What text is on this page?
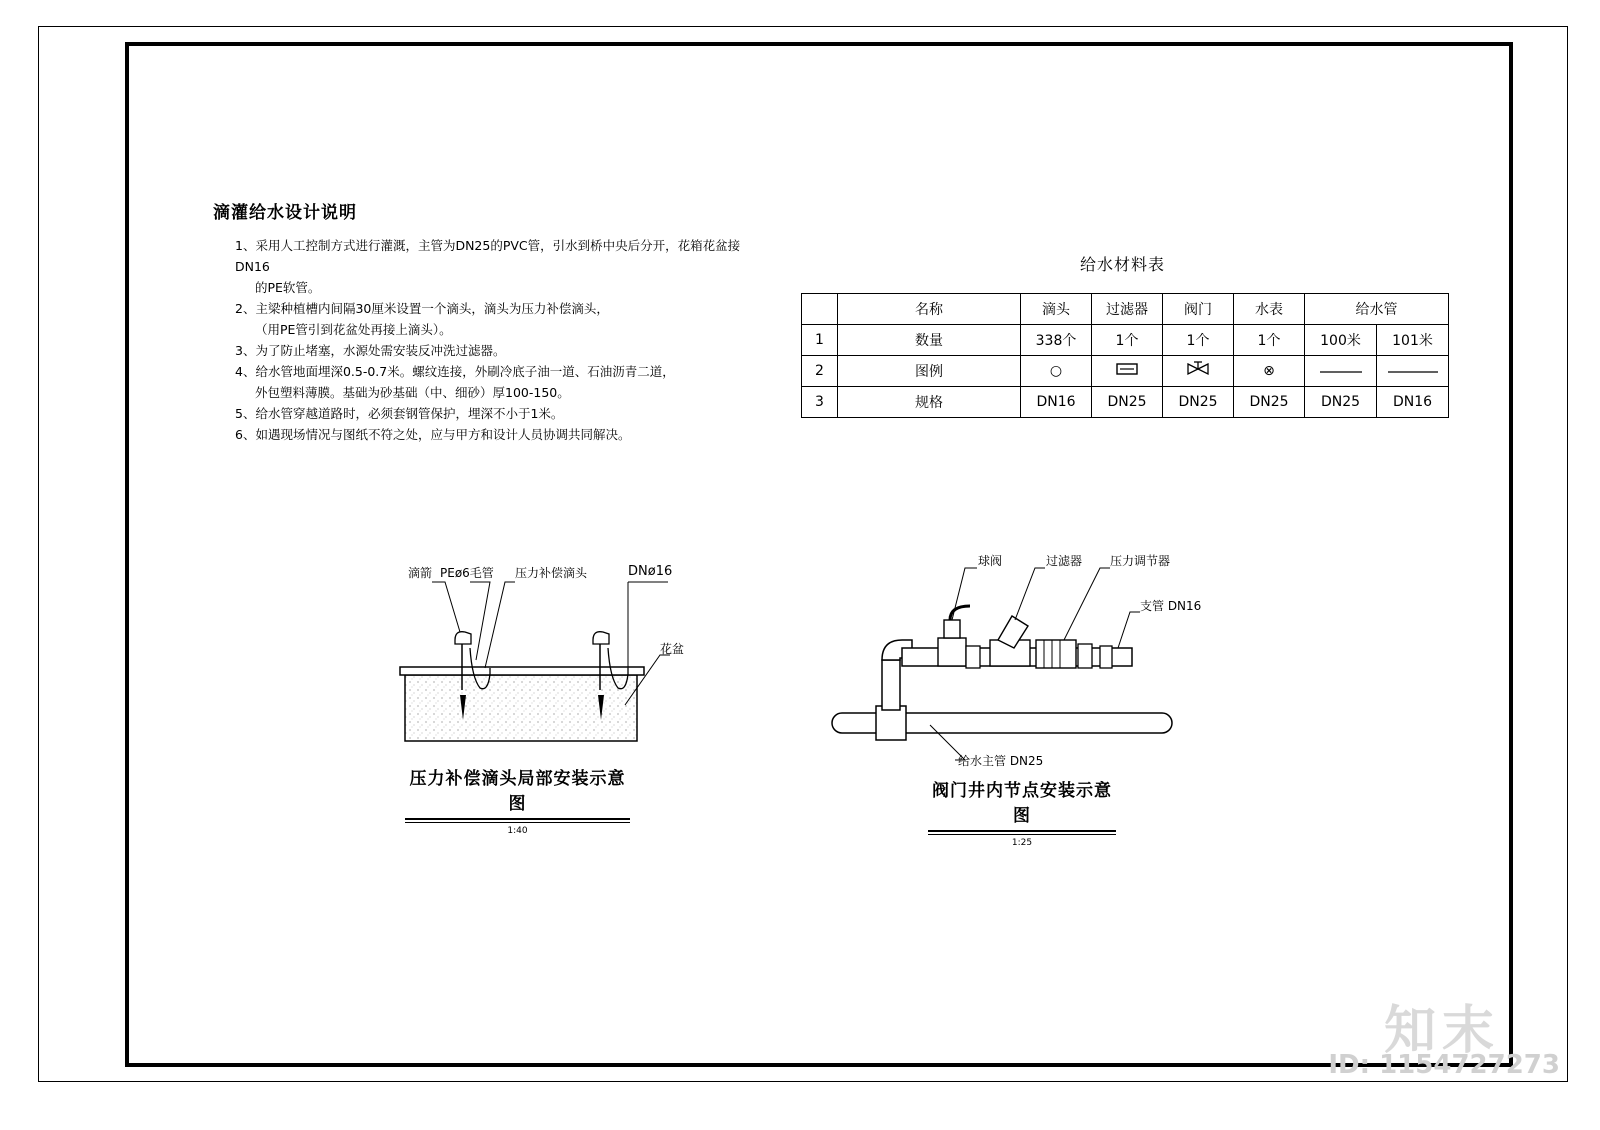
滴灌给水设计说明
1、采用人工控制方式进行灌溉，主管为DN25的PVC管，引水到桥中央后分开，花箱花盆接DN16
的PE软管。
2、主梁种植槽内间隔30厘米设置一个滴头，滴头为压力补偿滴头，
（用PE管引到花盆处再接上滴头）。
3、为了防止堵塞，水源处需安装反冲洗过滤器。
4、给水管地面埋深0.5-0.7米。螺纹连接，外刷冷底子油一道、石油沥青二道，
外包塑料薄膜。基础为砂基础（中、细砂）厚100-150。
5、给水管穿越道路时，必须套钢管保护，埋深不小于1米。
6、如遇现场情况与图纸不符之处，应与甲方和设计人员协调共同解决。
给水材料表
	名称	滴头	过滤器	阀门	水表	给水管	
1	数量	338个	1个	1个	1个	100米	101米
2	图例	○			⊗		
3	规格	DN16	DN25	DN25	DN25	DN25	DN16
滴箭 PEø6毛管 压力补偿滴头	DNø16
花盆
压力补偿滴头局部安装示意图
1:40
球阀	过滤器 压力调节器
支管 DN16
给水主管 DN25
阀门井内节点安装示意图
1:25
知末
ID: 1154727273
